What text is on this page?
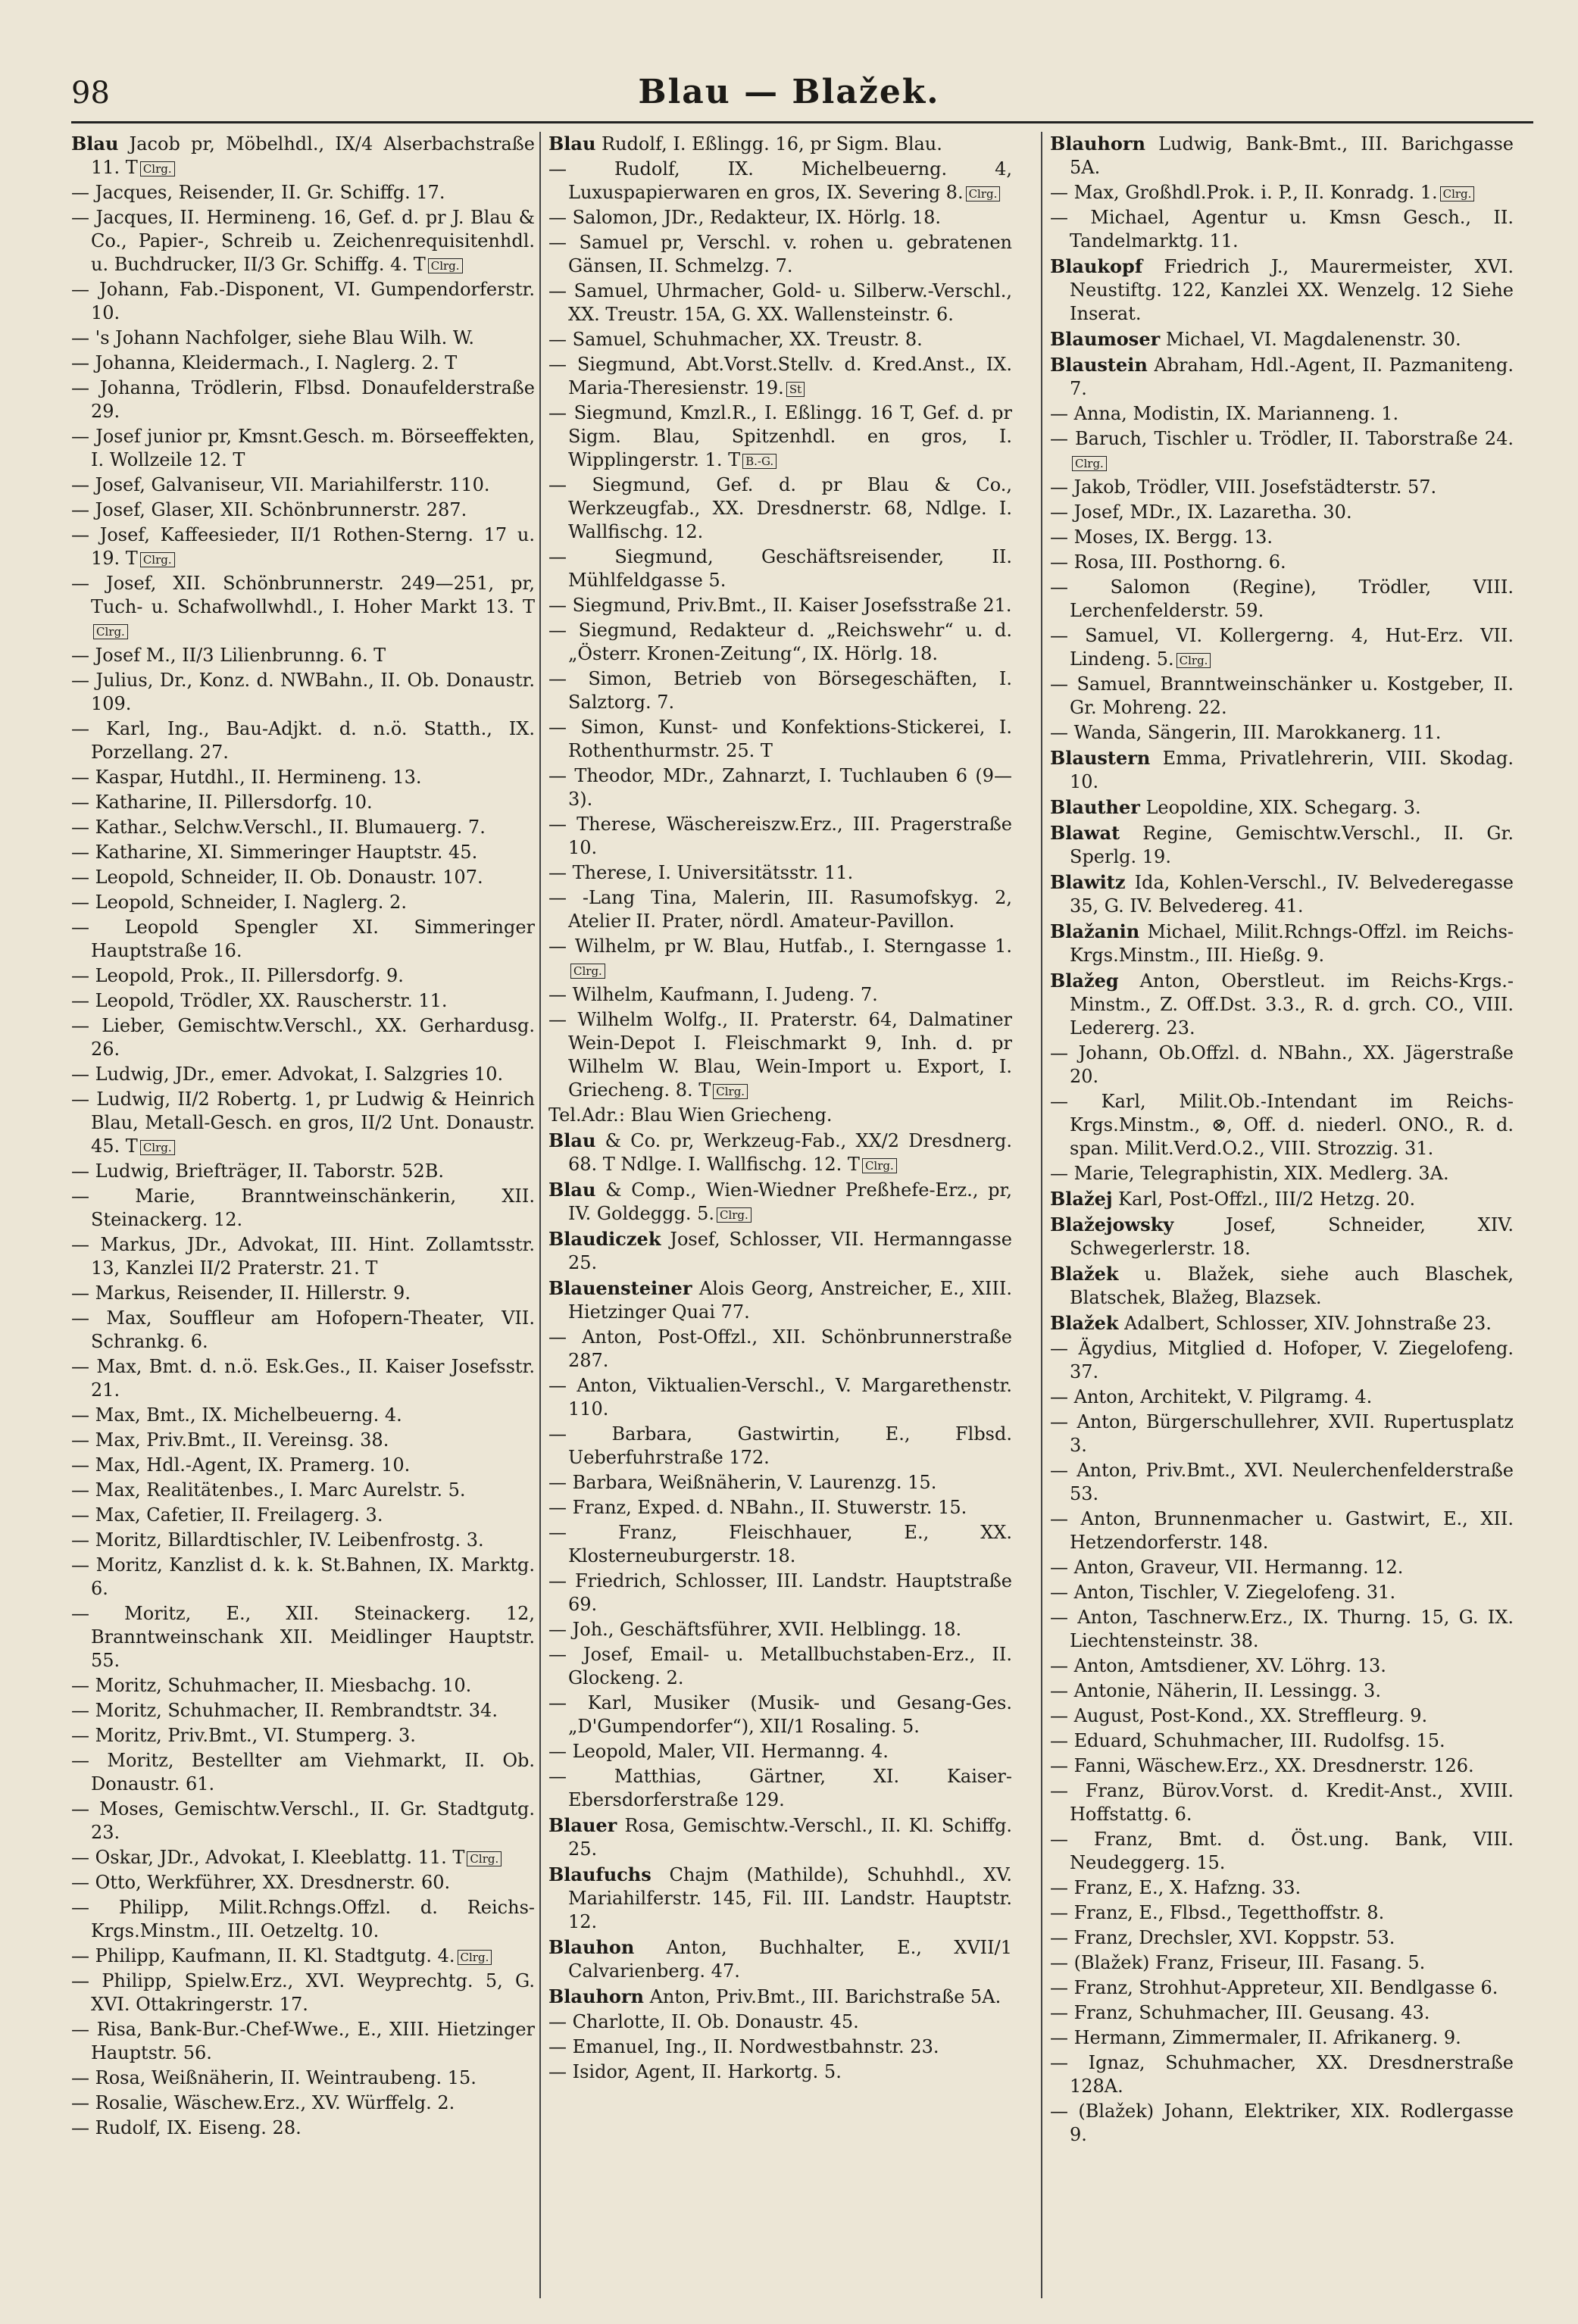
98	Blau — Blažek.
Blau Jacob pr, Möbelhdl., IX/4 Alserbachstraße 11. T Clrg.
— Jacques, Reisender, II. Gr. Schiffg. 17.
— Jacques, II. Hermineng. 16, Gef. d. pr J. Blau & Co., Papier-, Schreib u. Zeichenrequisitenhdl. u. Buchdrucker, II/3 Gr. Schiffg. 4. T Clrg.
— Johann, Fab.-Disponent, VI. Gumpendorferstr. 10.
— 's Johann Nachfolger, siehe Blau Wilh. W.
— Johanna, Kleidermach., I. Naglerg. 2. T
— Johanna, Trödlerin, Flbsd. Donaufelderstraße 29.
— Josef junior pr, Kmsnt.Gesch. m. Börseeffekten, I. Wollzeile 12. T
— Josef, Galvaniseur, VII. Mariahilferstr. 110.
— Josef, Glaser, XII. Schönbrunnerstr. 287.
— Josef, Kaffeesieder, II/1 Rothen-Sterng. 17 u. 19. T Clrg.
— Josef, XII. Schönbrunnerstr. 249—251, pr, Tuch- u. Schafwollwhdl., I. Hoher Markt 13. TClrg.
— Josef M., II/3 Lilienbrunng. 6. T
— Julius, Dr., Konz. d. NWBahn., II. Ob. Donaustr. 109.
— Karl, Ing., Bau-Adjkt. d. n.ö. Statth., IX. Porzellang. 27.
— Kaspar, Hutdhl., II. Hermineng. 13.
— Katharine, II. Pillersdorfg. 10.
— Kathar., Selchw.Verschl., II. Blumauerg. 7.
— Katharine, XI. Simmeringer Hauptstr. 45.
— Leopold, Schneider, II. Ob. Donaustr. 107.
— Leopold, Schneider, I. Naglerg. 2.
— Leopold Spengler XI. Simmeringer Hauptstraße 16.
— Leopold, Prok., II. Pillersdorfg. 9.
— Leopold, Trödler, XX. Rauscherstr. 11.
— Lieber, Gemischtw.Verschl., XX. Gerhardusg. 26.
— Ludwig, JDr., emer. Advokat, I. Salzgries 10.
— Ludwig, II/2 Robertg. 1, pr Ludwig & Heinrich Blau, Metall-Gesch. en gros, II/2 Unt. Donaustr. 45. T Clrg.
— Ludwig, Briefträger, II. Taborstr. 52B.
— Marie, Branntweinschänkerin, XII. Steinackerg. 12.
— Markus, JDr., Advokat, III. Hint. Zollamtsstr. 13, Kanzlei II/2 Praterstr. 21. T
— Markus, Reisender, II. Hillerstr. 9.
— Max, Souffleur am Hofopern-Theater, VII. Schrankg. 6.
— Max, Bmt. d. n.ö. Esk.Ges., II. Kaiser Josefsstr. 21.
— Max, Bmt., IX. Michelbeuerng. 4.
— Max, Priv.Bmt., II. Vereinsg. 38.
— Max, Hdl.-Agent, IX. Pramerg. 10.
— Max, Realitätenbes., I. Marc Aurelstr. 5.
— Max, Cafetier, II. Freilagerg. 3.
— Moritz, Billardtischler, IV. Leibenfrostg. 3.
— Moritz, Kanzlist d. k. k. St.Bahnen, IX. Marktg. 6.
— Moritz, E., XII. Steinackerg. 12, Branntweinschank XII. Meidlinger Hauptstr. 55.
— Moritz, Schuhmacher, II. Miesbachg. 10.
— Moritz, Schuhmacher, II. Rembrandtstr. 34.
— Moritz, Priv.Bmt., VI. Stumperg. 3.
— Moritz, Bestellter am Viehmarkt, II. Ob. Donaustr. 61.
— Moses, Gemischtw.Verschl., II. Gr. Stadtgutg. 23.
— Oskar, JDr., Advokat, I. Kleeblattg. 11. T Clrg.
— Otto, Werkführer, XX. Dresdnerstr. 60.
— Philipp, Milit.Rchngs.Offzl. d. Reichs-Krgs.Minstm., III. Oetzeltg. 10.
— Philipp, Kaufmann, II. Kl. Stadtgutg. 4. Clrg.
— Philipp, Spielw.Erz., XVI. Weyprechtg. 5, G. XVI. Ottakringerstr. 17.
— Risa, Bank-Bur.-Chef-Wwe., E., XIII. Hietzinger Hauptstr. 56.
— Rosa, Weißnäherin, II. Weintraubeng. 15.
— Rosalie, Wäschew.Erz., XV. Würffelg. 2.
— Rudolf, IX. Eiseng. 28.
Blau Rudolf, I. Eßlingg. 16, pr Sigm. Blau.
— Rudolf, IX. Michelbeuerng. 4, Luxuspapierwaren en gros, IX. Severing 8. Clrg.
— Salomon, JDr., Redakteur, IX. Hörlg. 18.
— Samuel pr, Verschl. v. rohen u. gebratenen Gänsen, II. Schmelzg. 7.
— Samuel, Uhrmacher, Gold- u. Silberw.-Verschl., XX. Treustr. 15A, G. XX. Wallensteinstr. 6.
— Samuel, Schuhmacher, XX. Treustr. 8.
— Siegmund, Abt.Vorst.Stellv. d. Kred.Anst., IX. Maria-Theresienstr. 19. St
— Siegmund, Kmzl.R., I. Eßlingg. 16 T, Gef. d. pr Sigm. Blau, Spitzenhdl. en gros, I. Wipplingerstr. 1. T B.-G.
— Siegmund, Gef. d. pr Blau & Co., Werkzeugfab., XX. Dresdnerstr. 68, Ndlge. I. Wallfischg. 12.
— Siegmund, Geschäftsreisender, II. Mühlfeldgasse 5.
— Siegmund, Priv.Bmt., II. Kaiser Josefsstraße 21.
— Siegmund, Redakteur d. „Reichswehr“ u. d. „Österr. Kronen-Zeitung“, IX. Hörlg. 18.
— Simon, Betrieb von Börsegeschäften, I. Salztorg. 7.
— Simon, Kunst- und Konfektions-Stickerei, I. Rothenthurmstr. 25. T
— Theodor, MDr., Zahnarzt, I. Tuchlauben 6 (9—3).
— Therese, Wäschereiszw.Erz., III. Pragerstraße 10.
— Therese, I. Universitätsstr. 11.
— -Lang Tina, Malerin, III. Rasumofskyg. 2, Atelier II. Prater, nördl. Amateur-Pavillon.
— Wilhelm, pr W. Blau, Hutfab., I. Sterngasse 1.Clrg.
— Wilhelm, Kaufmann, I. Judeng. 7.
— Wilhelm Wolfg., II. Praterstr. 64, Dalmatiner Wein-Depot I. Fleischmarkt 9, Inh. d. pr Wilhelm W. Blau, Wein-Import u. Export, I. Griecheng. 8. T Clrg.
Tel.Adr.: Blau Wien Griecheng.
Blau & Co. pr, Werkzeug-Fab., XX/2 Dresdnerg. 68. T Ndlge. I. Wallfischg. 12. T Clrg.
Blau & Comp., Wien-Wiedner Preßhefe-Erz., pr, IV. Goldeggg. 5. Clrg.
Blaudiczek Josef, Schlosser, VII. Hermanngasse 25.
Blauensteiner Alois Georg, Anstreicher, E., XIII. Hietzinger Quai 77.
— Anton, Post-Offzl., XII. Schönbrunnerstraße 287.
— Anton, Viktualien-Verschl., V. Margarethenstr. 110.
— Barbara, Gastwirtin, E., Flbsd. Ueberfuhrstraße 172.
— Barbara, Weißnäherin, V. Laurenzg. 15.
— Franz, Exped. d. NBahn., II. Stuwerstr. 15.
— Franz, Fleischhauer, E., XX. Klosterneuburgerstr. 18.
— Friedrich, Schlosser, III. Landstr. Hauptstraße 69.
— Joh., Geschäftsführer, XVII. Helblingg. 18.
— Josef, Email- u. Metallbuchstaben-Erz., II. Glockeng. 2.
— Karl, Musiker (Musik- und Gesang-Ges. „D'Gumpendorfer“), XII/1 Rosaling. 5.
— Leopold, Maler, VII. Hermanng. 4.
— Matthias, Gärtner, XI. Kaiser-Ebersdorferstraße 129.
Blauer Rosa, Gemischtw.-Verschl., II. Kl. Schiffg. 25.
Blaufuchs Chajm (Mathilde), Schuhhdl., XV. Mariahilferstr. 145, Fil. III. Landstr. Hauptstr. 12.
Blauhon Anton, Buchhalter, E., XVII/1 Calvarienberg. 47.
Blauhorn Anton, Priv.Bmt., III. Barichstraße 5A.
— Charlotte, II. Ob. Donaustr. 45.
— Emanuel, Ing., II. Nordwestbahnstr. 23.
— Isidor, Agent, II. Harkortg. 5.
Blauhorn Ludwig, Bank-Bmt., III. Barichgasse 5A.
— Max, Großhdl.Prok. i. P., II. Konradg. 1. Clrg.
— Michael, Agentur u. Kmsn Gesch., II. Tandelmarktg. 11.
Blaukopf Friedrich J., Maurermeister, XVI. Neustiftg. 122, Kanzlei XX. Wenzelg. 12 Siehe Inserat.
Blaumoser Michael, VI. Magdalenenstr. 30.
Blaustein Abraham, Hdl.-Agent, II. Pazmaniteng. 7.
— Anna, Modistin, IX. Marianneng. 1.
— Baruch, Tischler u. Trödler, II. Taborstraße 24.Clrg.
— Jakob, Trödler, VIII. Josefstädterstr. 57.
— Josef, MDr., IX. Lazaretha. 30.
— Moses, IX. Bergg. 13.
— Rosa, III. Posthorng. 6.
— Salomon (Regine), Trödler, VIII. Lerchenfelderstr. 59.
— Samuel, VI. Kollergerng. 4, Hut-Erz. VII. Lindeng. 5. Clrg.
— Samuel, Branntweinschänker u. Kostgeber, II. Gr. Mohreng. 22.
— Wanda, Sängerin, III. Marokkanerg. 11.
Blaustern Emma, Privatlehrerin, VIII. Skodag. 10.
Blauther Leopoldine, XIX. Schegarg. 3.
Blawat Regine, Gemischtw.Verschl., II. Gr. Sperlg. 19.
Blawitz Ida, Kohlen-Verschl., IV. Belvederegasse 35, G. IV. Belvedereg. 41.
Blažanin Michael, Milit.Rchngs-Offzl. im Reichs-Krgs.Minstm., III. Hießg. 9.
Blažeg Anton, Oberstleut. im Reichs-Krgs.-Minstm., Z. Off.Dst. 3.3., R. d. grch. CO., VIII. Ledererg. 23.
— Johann, Ob.Offzl. d. NBahn., XX. Jägerstraße 20.
— Karl, Milit.Ob.-Intendant im Reichs-Krgs.Minstm., ⊗, Off. d. niederl. ONO., R. d. span. Milit.Verd.O.2., VIII. Strozzig. 31.
— Marie, Telegraphistin, XIX. Medlerg. 3A.
Blažej Karl, Post-Offzl., III/2 Hetzg. 20.
Blažejowsky Josef, Schneider, XIV. Schwegerlerstr. 18.
Blažek u. Blažek, siehe auch Blaschek, Blatschek, Blažeg, Blazsek.
Blažek Adalbert, Schlosser, XIV. Johnstraße 23.
— Ägydius, Mitglied d. Hofoper, V. Ziegelofeng. 37.
— Anton, Architekt, V. Pilgramg. 4.
— Anton, Bürgerschullehrer, XVII. Rupertusplatz 3.
— Anton, Priv.Bmt., XVI. Neulerchenfelderstraße 53.
— Anton, Brunnenmacher u. Gastwirt, E., XII. Hetzendorferstr. 148.
— Anton, Graveur, VII. Hermanng. 12.
— Anton, Tischler, V. Ziegelofeng. 31.
— Anton, Taschnerw.Erz., IX. Thurng. 15, G. IX. Liechtensteinstr. 38.
— Anton, Amtsdiener, XV. Löhrg. 13.
— Antonie, Näherin, II. Lessingg. 3.
— August, Post-Kond., XX. Streffleurg. 9.
— Eduard, Schuhmacher, III. Rudolfsg. 15.
— Fanni, Wäschew.Erz., XX. Dresdnerstr. 126.
— Franz, Bürov.Vorst. d. Kredit-Anst., XVIII. Hoffstattg. 6.
— Franz, Bmt. d. Öst.ung. Bank, VIII. Neudeggerg. 15.
— Franz, E., X. Hafzng. 33.
— Franz, E., Flbsd., Tegetthoffstr. 8.
— Franz, Drechsler, XVI. Koppstr. 53.
— (Blažek) Franz, Friseur, III. Fasang. 5.
— Franz, Strohhut-Appreteur, XII. Bendlgasse 6.
— Franz, Schuhmacher, III. Geusang. 43.
— Hermann, Zimmermaler, II. Afrikanerg. 9.
— Ignaz, Schuhmacher, XX. Dresdnerstraße 128A.
— (Blažek) Johann, Elektriker, XIX. Rodlergasse 9.
